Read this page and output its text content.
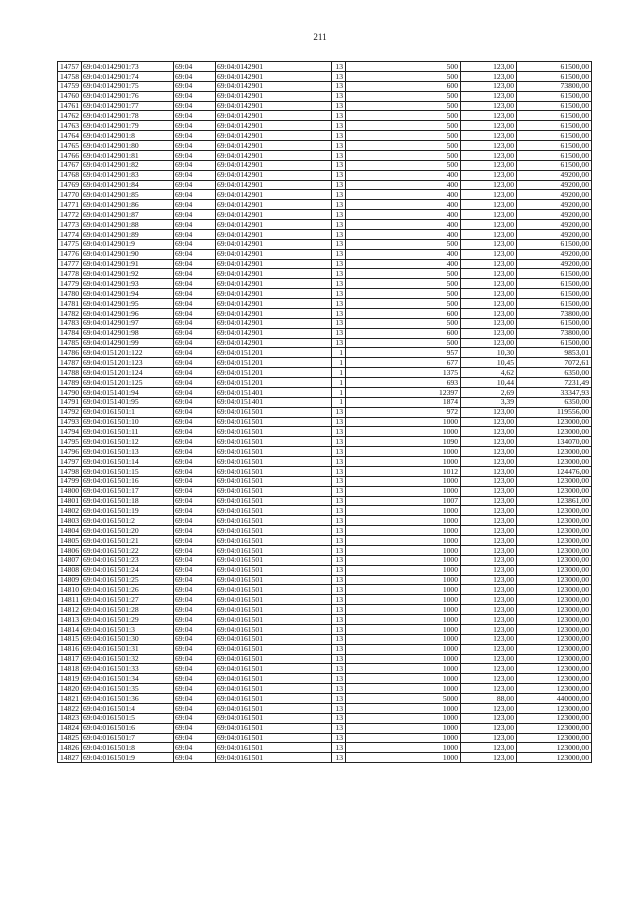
211
14757	69:04:0142901:73	69:04	69:04:0142901	13	500	123,00	61500,00
14758	69:04:0142901:74	69:04	69:04:0142901	13	500	123,00	61500,00
14759	69:04:0142901:75	69:04	69:04:0142901	13	600	123,00	73800,00
14760	69:04:0142901:76	69:04	69:04:0142901	13	500	123,00	61500,00
14761	69:04:0142901:77	69:04	69:04:0142901	13	500	123,00	61500,00
14762	69:04:0142901:78	69:04	69:04:0142901	13	500	123,00	61500,00
14763	69:04:0142901:79	69:04	69:04:0142901	13	500	123,00	61500,00
14764	69:04:0142901:8	69:04	69:04:0142901	13	500	123,00	61500,00
14765	69:04:0142901:80	69:04	69:04:0142901	13	500	123,00	61500,00
14766	69:04:0142901:81	69:04	69:04:0142901	13	500	123,00	61500,00
14767	69:04:0142901:82	69:04	69:04:0142901	13	500	123,00	61500,00
14768	69:04:0142901:83	69:04	69:04:0142901	13	400	123,00	49200,00
14769	69:04:0142901:84	69:04	69:04:0142901	13	400	123,00	49200,00
14770	69:04:0142901:85	69:04	69:04:0142901	13	400	123,00	49200,00
14771	69:04:0142901:86	69:04	69:04:0142901	13	400	123,00	49200,00
14772	69:04:0142901:87	69:04	69:04:0142901	13	400	123,00	49200,00
14773	69:04:0142901:88	69:04	69:04:0142901	13	400	123,00	49200,00
14774	69:04:0142901:89	69:04	69:04:0142901	13	400	123,00	49200,00
14775	69:04:0142901:9	69:04	69:04:0142901	13	500	123,00	61500,00
14776	69:04:0142901:90	69:04	69:04:0142901	13	400	123,00	49200,00
14777	69:04:0142901:91	69:04	69:04:0142901	13	400	123,00	49200,00
14778	69:04:0142901:92	69:04	69:04:0142901	13	500	123,00	61500,00
14779	69:04:0142901:93	69:04	69:04:0142901	13	500	123,00	61500,00
14780	69:04:0142901:94	69:04	69:04:0142901	13	500	123,00	61500,00
14781	69:04:0142901:95	69:04	69:04:0142901	13	500	123,00	61500,00
14782	69:04:0142901:96	69:04	69:04:0142901	13	600	123,00	73800,00
14783	69:04:0142901:97	69:04	69:04:0142901	13	500	123,00	61500,00
14784	69:04:0142901:98	69:04	69:04:0142901	13	600	123,00	73800,00
14785	69:04:0142901:99	69:04	69:04:0142901	13	500	123,00	61500,00
14786	69:04:0151201:122	69:04	69:04:0151201	1	957	10,30	9853,01
14787	69:04:0151201:123	69:04	69:04:0151201	1	677	10,45	7072,61
14788	69:04:0151201:124	69:04	69:04:0151201	1	1375	4,62	6350,00
14789	69:04:0151201:125	69:04	69:04:0151201	1	693	10,44	7231,49
14790	69:04:0151401:94	69:04	69:04:0151401	1	12397	2,69	33347,93
14791	69:04:0151401:95	69:04	69:04:0151401	1	1874	3,39	6350,00
14792	69:04:0161501:1	69:04	69:04:0161501	13	972	123,00	119556,00
14793	69:04:0161501:10	69:04	69:04:0161501	13	1000	123,00	123000,00
14794	69:04:0161501:11	69:04	69:04:0161501	13	1000	123,00	123000,00
14795	69:04:0161501:12	69:04	69:04:0161501	13	1090	123,00	134070,00
14796	69:04:0161501:13	69:04	69:04:0161501	13	1000	123,00	123000,00
14797	69:04:0161501:14	69:04	69:04:0161501	13	1000	123,00	123000,00
14798	69:04:0161501:15	69:04	69:04:0161501	13	1012	123,00	124476,00
14799	69:04:0161501:16	69:04	69:04:0161501	13	1000	123,00	123000,00
14800	69:04:0161501:17	69:04	69:04:0161501	13	1000	123,00	123000,00
14801	69:04:0161501:18	69:04	69:04:0161501	13	1007	123,00	123861,00
14802	69:04:0161501:19	69:04	69:04:0161501	13	1000	123,00	123000,00
14803	69:04:0161501:2	69:04	69:04:0161501	13	1000	123,00	123000,00
14804	69:04:0161501:20	69:04	69:04:0161501	13	1000	123,00	123000,00
14805	69:04:0161501:21	69:04	69:04:0161501	13	1000	123,00	123000,00
14806	69:04:0161501:22	69:04	69:04:0161501	13	1000	123,00	123000,00
14807	69:04:0161501:23	69:04	69:04:0161501	13	1000	123,00	123000,00
14808	69:04:0161501:24	69:04	69:04:0161501	13	1000	123,00	123000,00
14809	69:04:0161501:25	69:04	69:04:0161501	13	1000	123,00	123000,00
14810	69:04:0161501:26	69:04	69:04:0161501	13	1000	123,00	123000,00
14811	69:04:0161501:27	69:04	69:04:0161501	13	1000	123,00	123000,00
14812	69:04:0161501:28	69:04	69:04:0161501	13	1000	123,00	123000,00
14813	69:04:0161501:29	69:04	69:04:0161501	13	1000	123,00	123000,00
14814	69:04:0161501:3	69:04	69:04:0161501	13	1000	123,00	123000,00
14815	69:04:0161501:30	69:04	69:04:0161501	13	1000	123,00	123000,00
14816	69:04:0161501:31	69:04	69:04:0161501	13	1000	123,00	123000,00
14817	69:04:0161501:32	69:04	69:04:0161501	13	1000	123,00	123000,00
14818	69:04:0161501:33	69:04	69:04:0161501	13	1000	123,00	123000,00
14819	69:04:0161501:34	69:04	69:04:0161501	13	1000	123,00	123000,00
14820	69:04:0161501:35	69:04	69:04:0161501	13	1000	123,00	123000,00
14821	69:04:0161501:36	69:04	69:04:0161501	13	5000	88,00	440000,00
14822	69:04:0161501:4	69:04	69:04:0161501	13	1000	123,00	123000,00
14823	69:04:0161501:5	69:04	69:04:0161501	13	1000	123,00	123000,00
14824	69:04:0161501:6	69:04	69:04:0161501	13	1000	123,00	123000,00
14825	69:04:0161501:7	69:04	69:04:0161501	13	1000	123,00	123000,00
14826	69:04:0161501:8	69:04	69:04:0161501	13	1000	123,00	123000,00
14827	69:04:0161501:9	69:04	69:04:0161501	13	1000	123,00	123000,00
